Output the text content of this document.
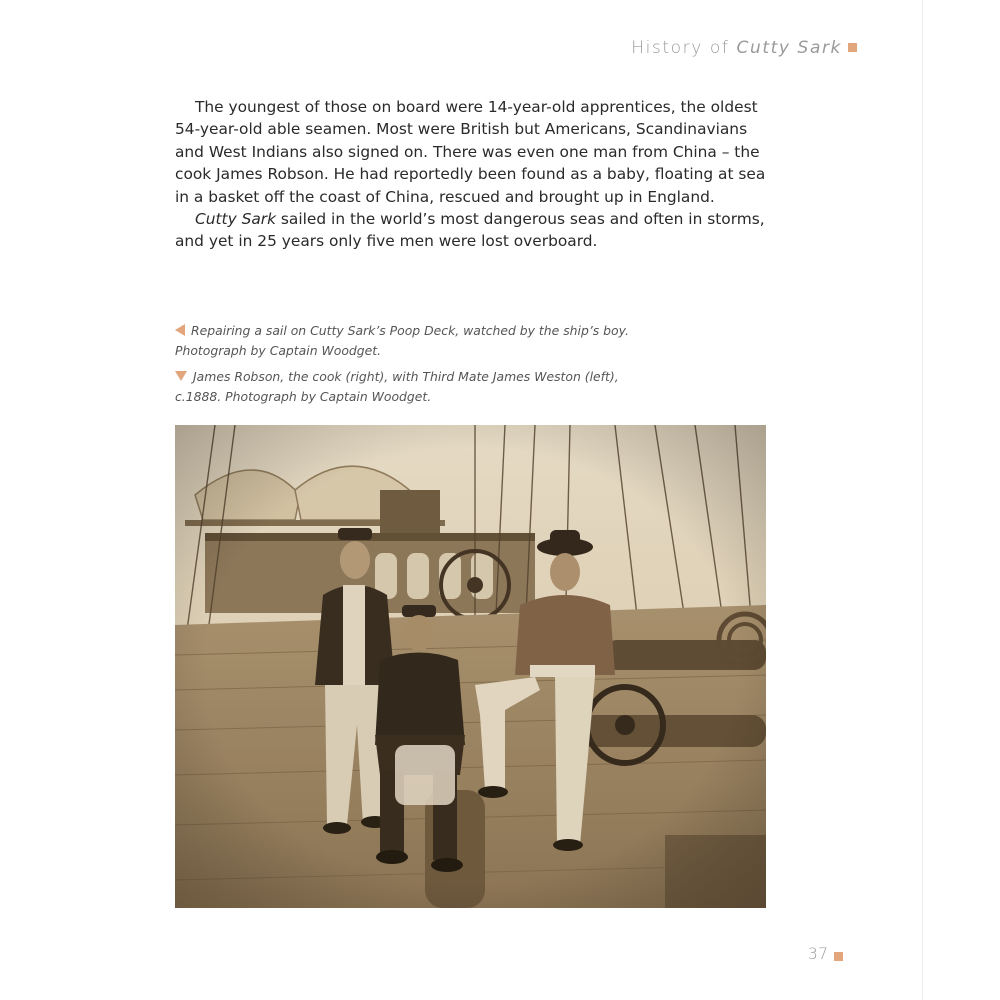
History of Cutty Sark

The youngest of those on board were 14-year-old apprentices, the oldest
54-year-old able seamen. Most were British but Americans, Scandinavians
and West Indians also signed on. There was even one man from China – the
cook James Robson. He had reportedly been found as a baby, floating at sea
in a basket off the coast of China, rescued and brought up in England.

Cutty Sark sailed in the world’s most dangerous seas and often in storms,
and yet in 25 years only five men were lost overboard.

Repairing a sail on Cutty Sark’s Poop Deck, watched by the ship’s boy.
Photograph by Captain Woodget.
James Robson, the cook (right), with Third Mate James Weston (left),
c.1888. Photograph by Captain Woodget.
37
